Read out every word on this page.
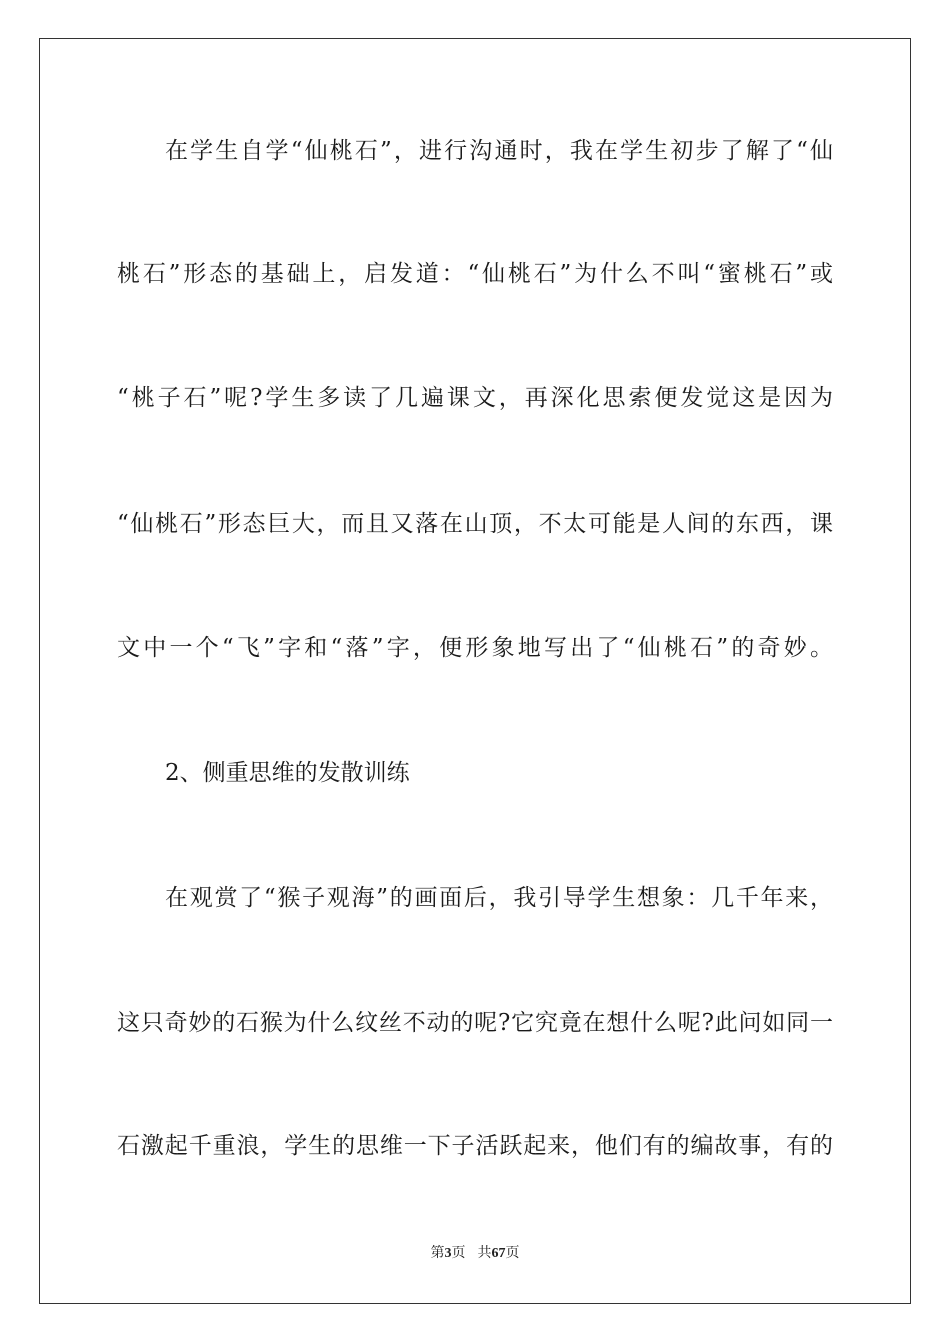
在学生自学“仙桃石”，进行沟通时，我在学生初步了解了“仙
桃石”形态的基础上，启发道：“仙桃石”为什么不叫“蜜桃石”或
“桃子石”呢?学生多读了几遍课文，再深化思索便发觉这是因为
“仙桃石”形态巨大，而且又落在山顶，不太可能是人间的东西，课
文中一个“飞”字和“落”字，便形象地写出了“仙桃石”的奇妙。
2、侧重思维的发散训练
在观赏了“猴子观海”的画面后，我引导学生想象：几千年来，
这只奇妙的石猴为什么纹丝不动的呢?它究竟在想什么呢?此问如同一
石激起千重浪，学生的思维一下子活跃起来，他们有的编故事，有的
第3页 共67页
